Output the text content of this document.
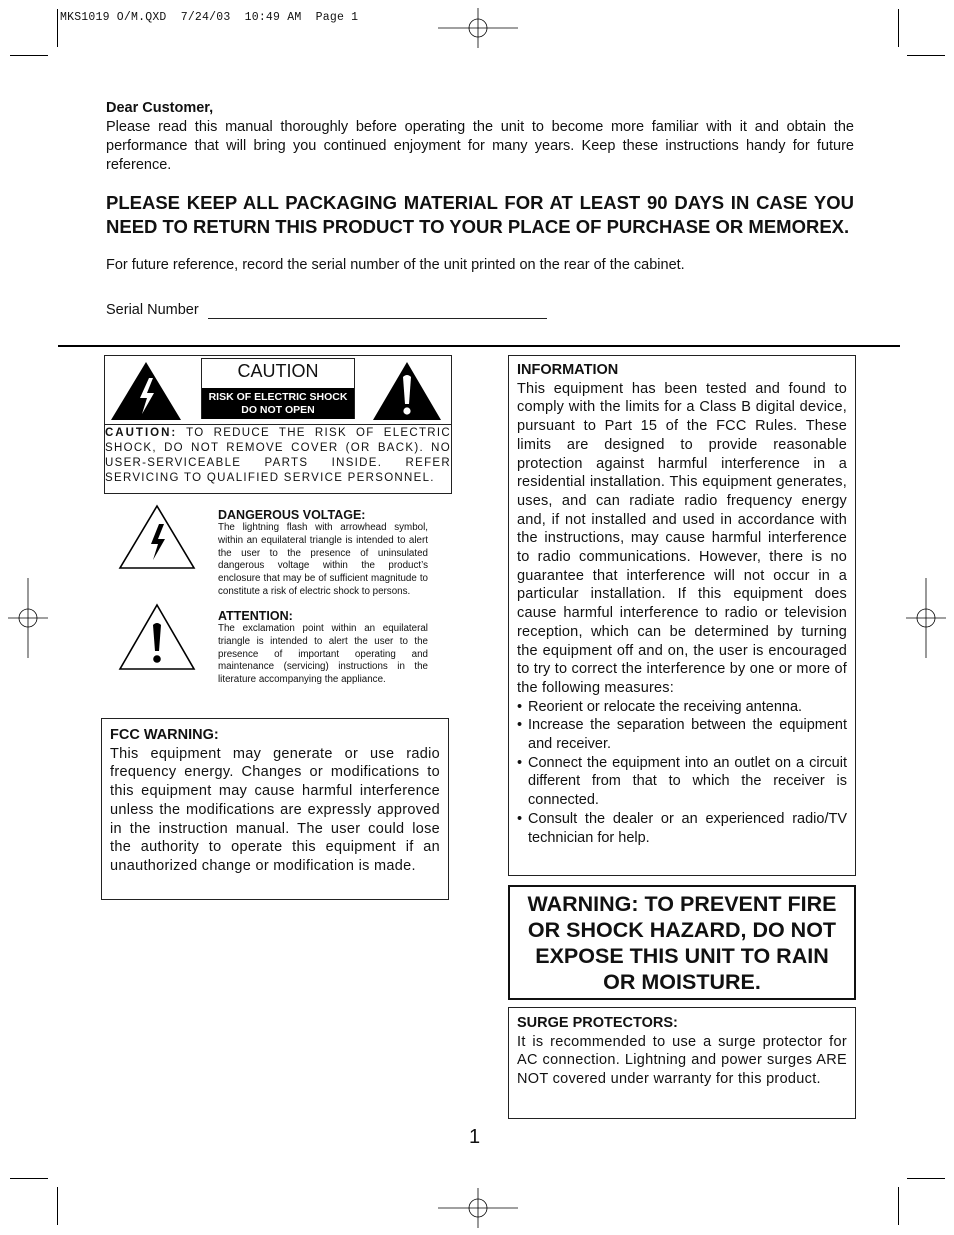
MKS1019 O/M.QXD  7/24/03  10:49 AM  Page 1
Dear Customer,
Please read this manual thoroughly before operating the unit to become more familiar with it and obtain the performance that will bring you continued enjoyment for many years. Keep these instructions handy for future reference.
PLEASE KEEP ALL PACKAGING MATERIAL FOR AT LEAST 90 DAYS IN CASE YOU NEED TO RETURN THIS PRODUCT TO YOUR PLACE OF PURCHASE OR MEMOREX.
For future reference, record the serial number of the unit printed on the rear of the cabinet.
Serial Number
CAUTION
RISK OF ELECTRIC SHOCK
DO NOT OPEN
CAUTION: TO REDUCE THE RISK OF ELECTRIC SHOCK, DO NOT REMOVE COVER (OR BACK). NO USER-SERVICEABLE PARTS INSIDE. REFER SERVICING TO QUALIFIED SERVICE PERSONNEL.
DANGEROUS VOLTAGE:
The lightning flash with arrowhead symbol, within an equilateral triangle is intended to alert the user to the presence of uninsulated dangerous voltage within the product’s enclosure that may be of sufficient magnitude to constitute a risk of electric shock to persons.
ATTENTION:
The exclamation point within an equilateral triangle is intended to alert the user to the presence of important operating and maintenance (servicing) instructions in the literature accompanying the appliance.
FCC WARNING:
This equipment may generate or use radio frequency energy. Changes or modifications to this equipment may cause harmful interference unless the modifications are expressly approved in the instruction manual. The user could lose the authority to operate this equipment if an unauthorized change or modification is made.
INFORMATION
This equipment has been tested and found to comply with the limits for a Class B digital device, pursuant to Part 15 of the FCC Rules. These limits are designed to provide reasonable protection against harmful interference in a residential installation. This equipment generates, uses, and can radiate radio frequency energy and, if not installed and used in accordance with the instructions, may cause harmful interference to radio communications. However, there is no guarantee that interference will not occur in a particular installation. If this equipment does cause harmful interference to radio or television reception, which can be determined by turning the equipment off and on, the user is encouraged to try to correct the interference by one or more of the following measures:
• Reorient or relocate the receiving antenna.
• Increase the separation between the equipment and receiver.
• Connect the equipment into an outlet on a circuit different from that to which the receiver is connected.
• Consult the dealer or an experienced radio/TV technician for help.
WARNING: TO PREVENT FIRE OR SHOCK HAZARD, DO NOT EXPOSE THIS UNIT TO RAIN OR MOISTURE.
SURGE PROTECTORS:
It is recommended to use a surge protector for AC connection. Lightning and power surges ARE NOT covered under warranty for this product.
1
